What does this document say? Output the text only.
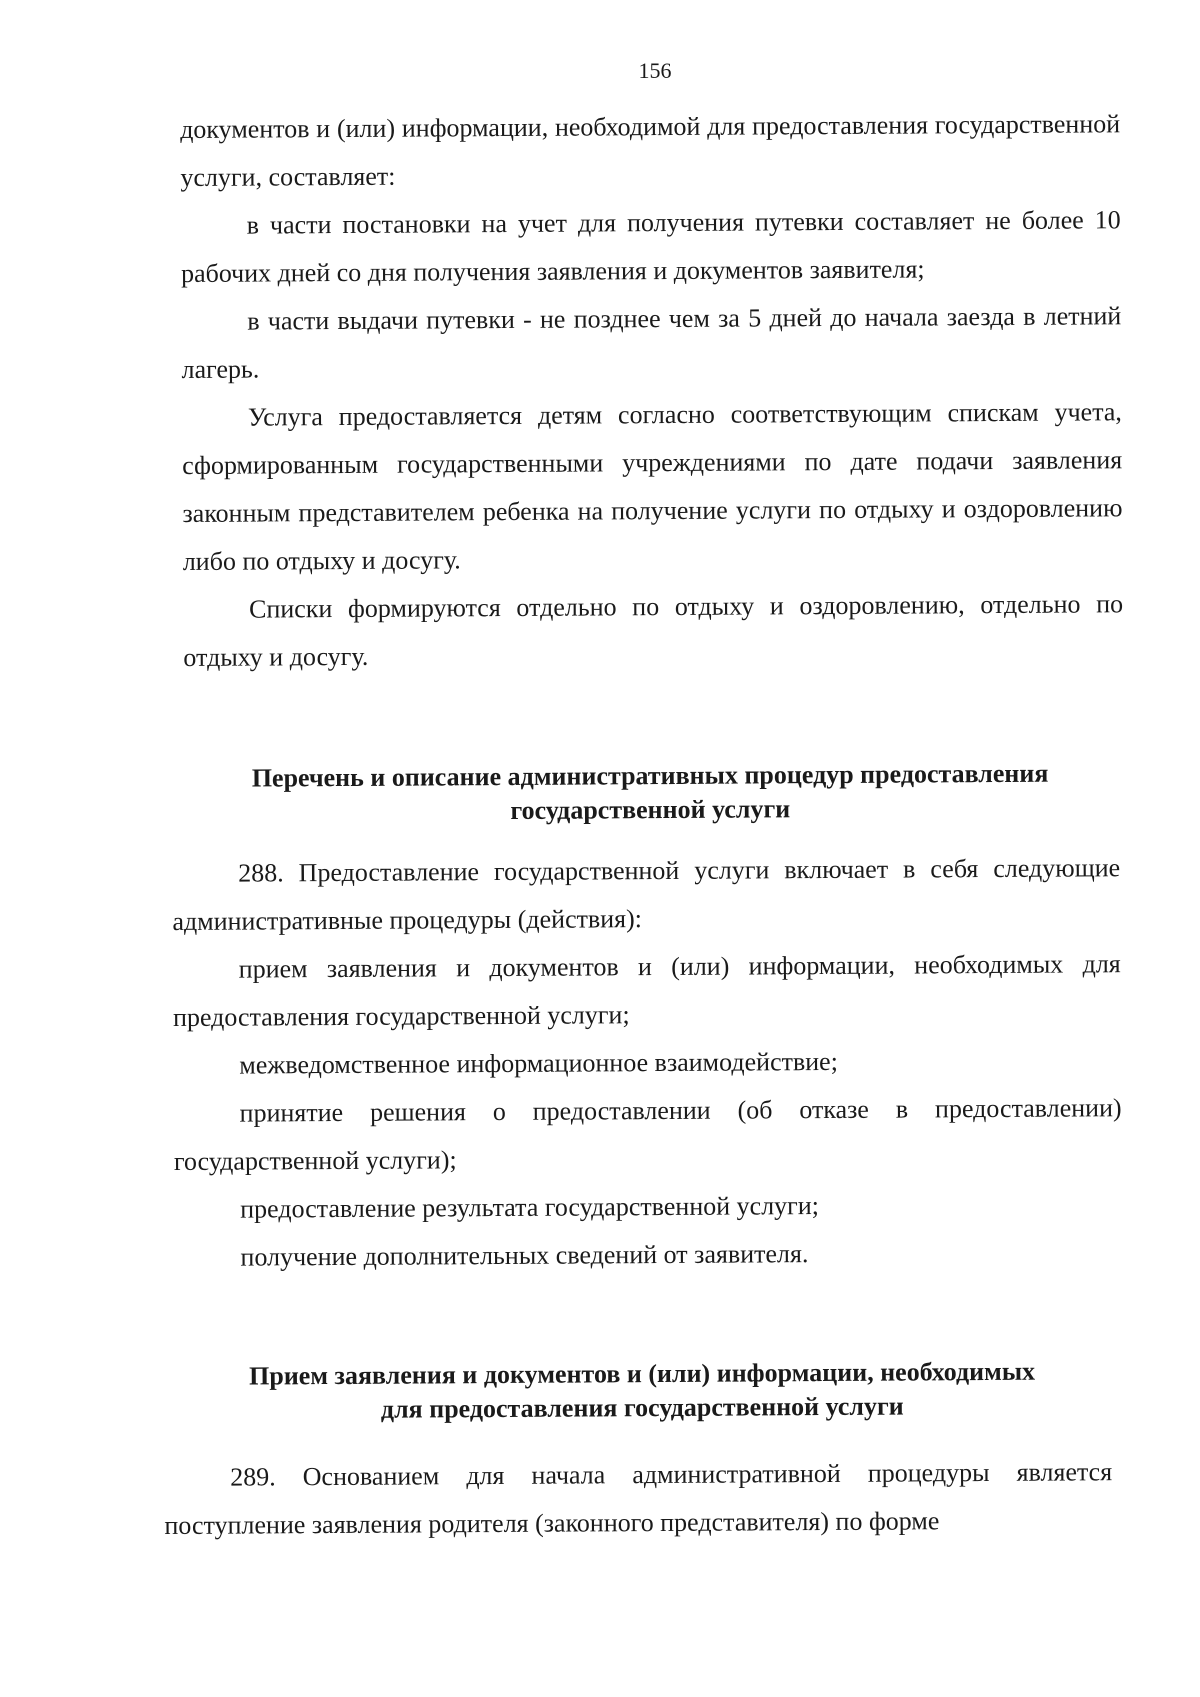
156

документов и (или) информации, необходимой для предоставления государственной услуги, составляет:

в части постановки на учет для получения путевки составляет не более 10 рабочих дней со дня получения заявления и документов заявителя;

в части выдачи путевки - не позднее чем за 5 дней до начала заезда в летний лагерь.

Услуга предоставляется детям согласно соответствующим спискам учета, сформированным государственными учреждениями по дате подачи заявления законным представителем ребенка на получение услуги по отдыху и оздоровлению либо по отдыху и досугу.

Списки формируются отдельно по отдыху и оздоровлению, отдельно по отдыху и досугу.

Перечень и описание административных процедур предоставления
государственной услуги

288. Предоставление государственной услуги включает в себя следующие административные процедуры (действия):

прием заявления и документов и (или) информации, необходимых для предоставления государственной услуги;

межведомственное информационное взаимодействие;

принятие решения о предоставлении (об отказе в предоставлении) государственной услуги);

предоставление результата государственной услуги;

получение дополнительных сведений от заявителя.

Прием заявления и документов и (или) информации, необходимых
для предоставления государственной услуги

289. Основанием для начала административной процедуры является поступление заявления родителя (законного представителя) по форме
